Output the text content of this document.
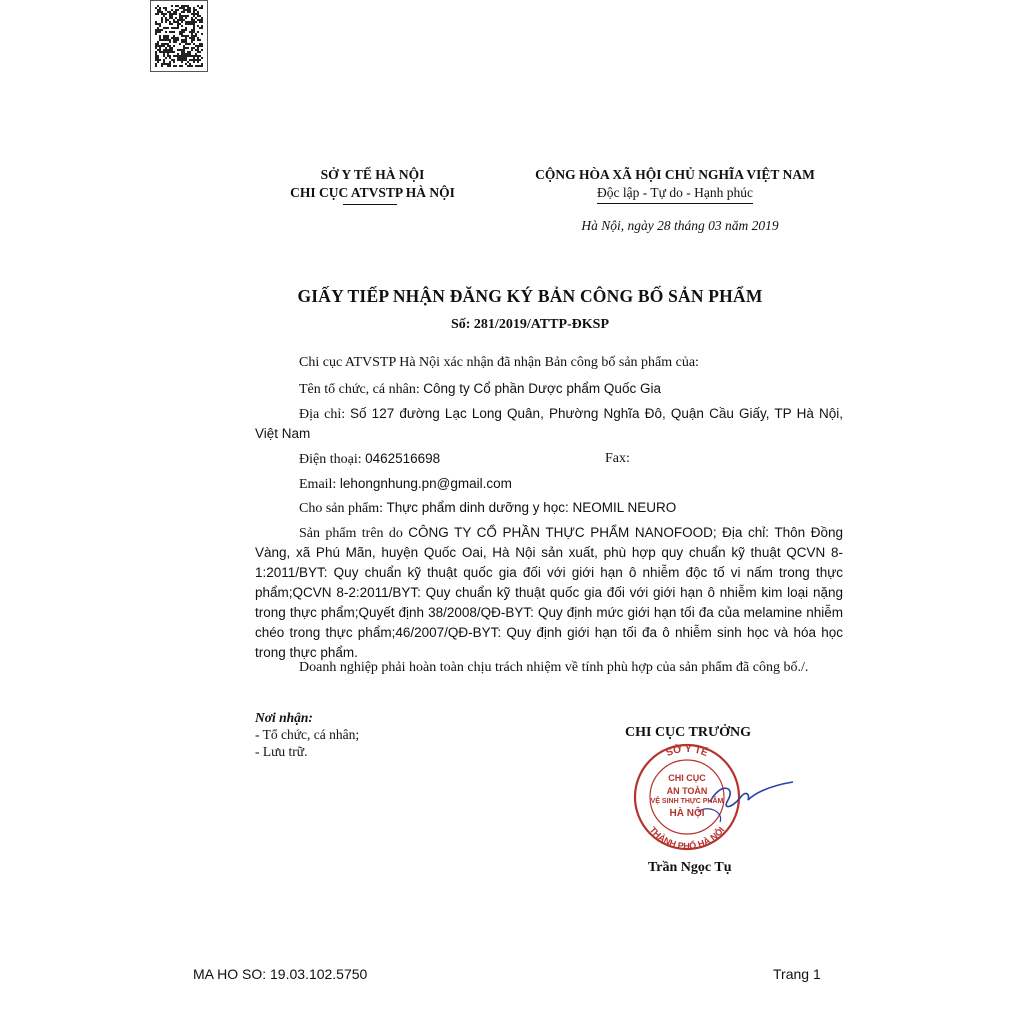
SỞ Y TẾ HÀ NỘI
CHI CỤC ATVSTP HÀ NỘI
CỘNG HÒA XÃ HỘI CHỦ NGHĨA VIỆT NAM
Độc lập - Tự do - Hạnh phúc
Hà Nội, ngày 28 tháng 03 năm 2019
GIẤY TIẾP NHẬN ĐĂNG KÝ BẢN CÔNG BỐ SẢN PHẨM
Số: 281/2019/ATTP-ĐKSP
Chi cục ATVSTP Hà Nội xác nhận đã nhận Bản công bố sản phẩm của:
Tên tổ chức, cá nhân: Công ty Cổ phần Dược phẩm Quốc Gia
Địa chỉ: Số 127 đường Lạc Long Quân, Phường Nghĩa Đô, Quận Cầu Giấy, TP Hà Nội, Việt Nam
Điện thoại: 0462516698	Fax:
Email: lehongnhung.pn@gmail.com
Cho sản phẩm: Thực phẩm dinh dưỡng y học: NEOMIL NEURO
Sản phẩm trên do CÔNG TY CỔ PHẦN THỰC PHẨM NANOFOOD; Địa chỉ: Thôn Đồng Vàng, xã Phú Mãn, huyện Quốc Oai, Hà Nội sản xuất, phù hợp quy chuẩn kỹ thuật QCVN 8-1:2011/BYT: Quy chuẩn kỹ thuật quốc gia đối với giới hạn ô nhiễm độc tố vi nấm trong thực phẩm;QCVN 8-2:2011/BYT: Quy chuẩn kỹ thuật quốc gia đối với giới hạn ô nhiễm kim loại nặng trong thực phẩm;Quyết định 38/2008/QĐ-BYT: Quy định mức giới hạn tối đa của melamine nhiễm chéo trong thực phẩm;46/2007/QĐ-BYT: Quy định giới hạn tối đa ô nhiễm sinh học và hóa học trong thực phẩm.
Doanh nghiệp phải hoàn toàn chịu trách nhiệm về tính phù hợp của sản phẩm đã công bố./.
Nơi nhận:
- Tổ chức, cá nhân;
- Lưu trữ.
CHI CỤC TRƯỞNG
SỞ Y TẾ
THÀNH PHỐ HÀ NỘI
CHI CỤC
AN TOÀN
VỆ SINH THỰC PHẨM
HÀ NỘI
Trần Ngọc Tụ
MA HO SO: 19.03.102.5750	Trang 1
